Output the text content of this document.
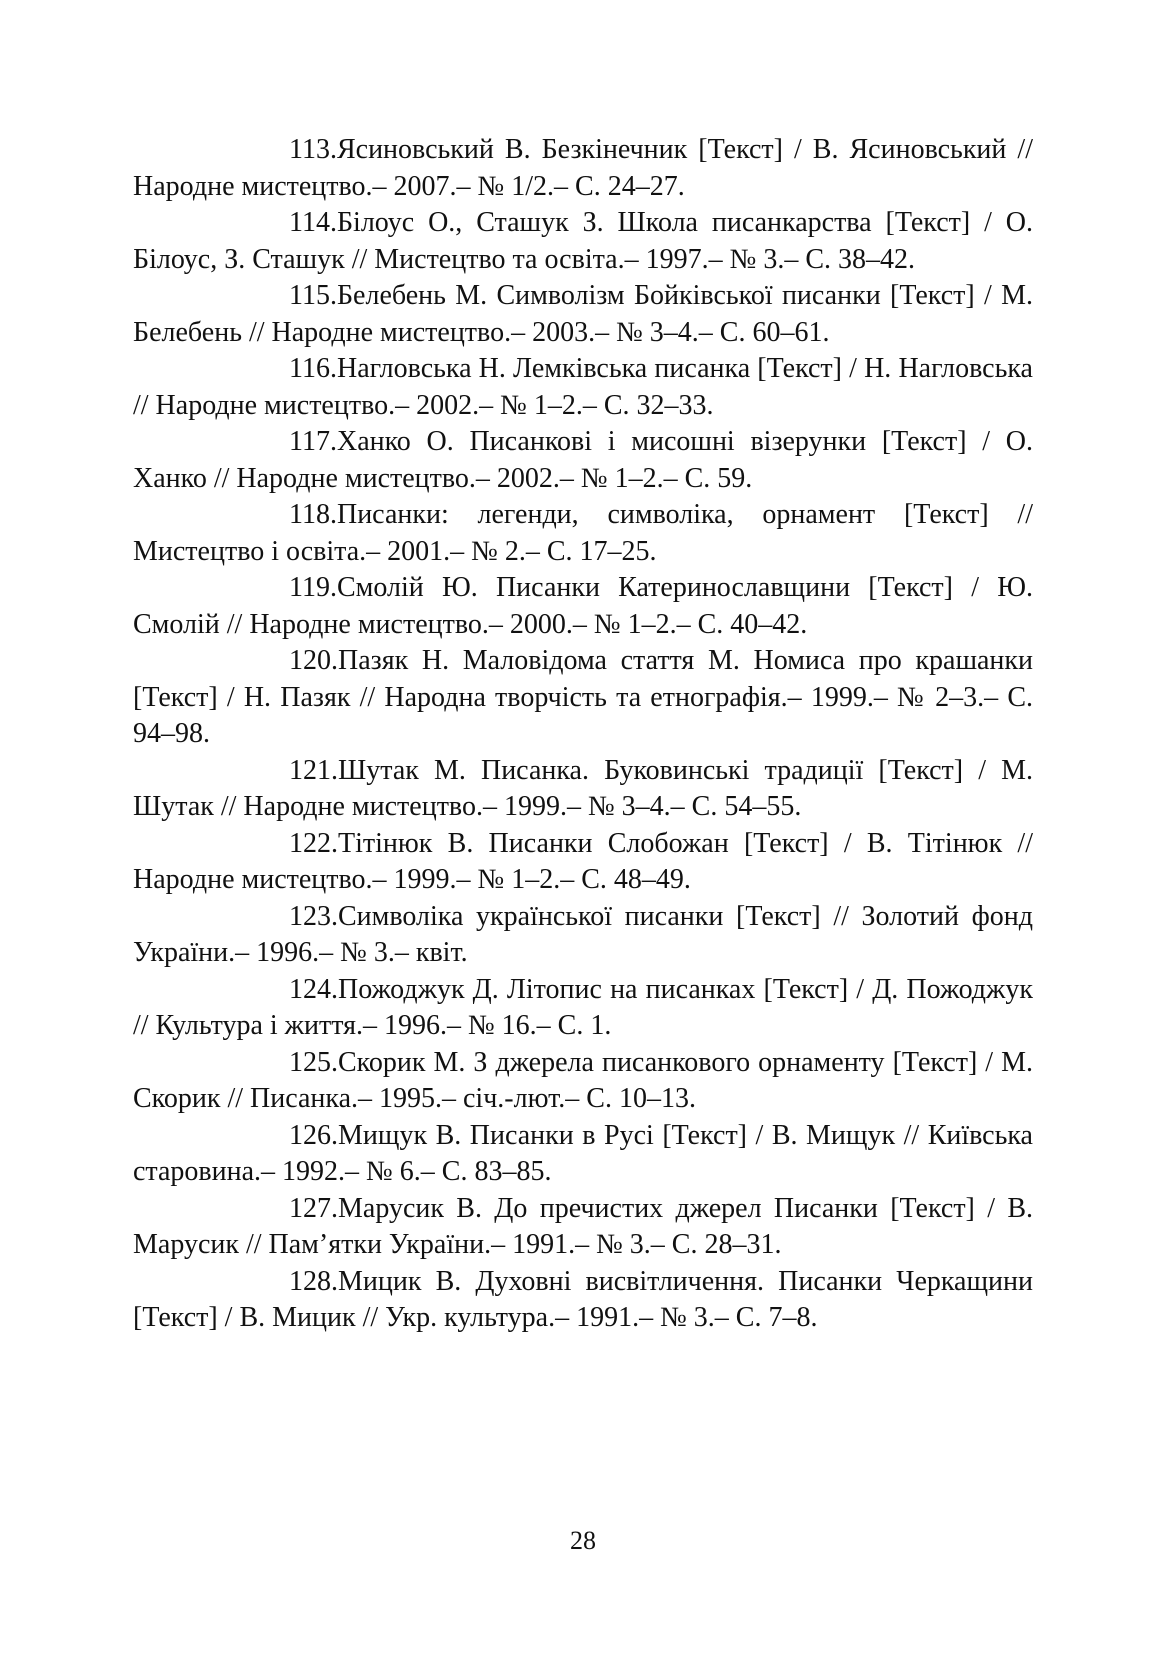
113.Ясиновський В. Безкінечник [Текст] / В. Ясиновський // Народне мистецтво.– 2007.– № 1/2.– С. 24–27.

114.Білоус О., Сташук З. Школа писанкарства [Текст] / О. Білоус, З. Сташук // Мистецтво та освіта.– 1997.– № 3.– С. 38–42.

115.Белебень М. Символізм Бойківської писанки [Текст] / М. Белебень // Народне мистецтво.– 2003.– № 3–4.– С. 60–61.

116.Нагловська Н. Лемківська писанка [Текст] / Н. Нагловська // Народне мистецтво.– 2002.– № 1–2.– С. 32–33.

117.Ханко О. Писанкові і мисошні візерунки [Текст] / О. Ханко // Народне мистецтво.– 2002.– № 1–2.– С. 59.

118.Писанки: легенди, символіка, орнамент [Текст] // Мистецтво і освіта.– 2001.– № 2.– С. 17–25.

119.Смолій Ю. Писанки Катеринославщини [Текст] / Ю. Смолій // Народне мистецтво.– 2000.– № 1–2.– С. 40–42.

120.Пазяк Н. Маловідома стаття М. Номиса про крашанки [Текст] / Н. Пазяк // Народна творчість та етнографія.– 1999.– № 2–3.– С. 94–98.

121.Шутак М. Писанка. Буковинські традиції [Текст] / М. Шутак // Народне мистецтво.– 1999.– № 3–4.– С. 54–55.

122.Тітінюк В. Писанки Слобожан [Текст] / В. Тітінюк // Народне мистецтво.– 1999.– № 1–2.– С. 48–49.

123.Символіка української писанки [Текст] // Золотий фонд України.– 1996.– № 3.– квіт.

124.Пожоджук Д. Літопис на писанках [Текст] / Д. Пожоджук // Культура і життя.– 1996.– № 16.– С. 1.

125.Скорик М. З джерела писанкового орнаменту [Текст] / М. Скорик // Писанка.– 1995.– січ.-лют.– С. 10–13.

126.Мищук В. Писанки в Русі [Текст] / В. Мищук // Київська старовина.– 1992.– № 6.– С. 83–85.

127.Марусик В. До пречистих джерел Писанки [Текст] / В. Марусик // Пам’ятки України.– 1991.– № 3.– С. 28–31.

128.Мицик В. Духовні висвітличення. Писанки Черкащини [Текст] / В. Мицик // Укр. культура.– 1991.– № 3.– С. 7–8.

28
